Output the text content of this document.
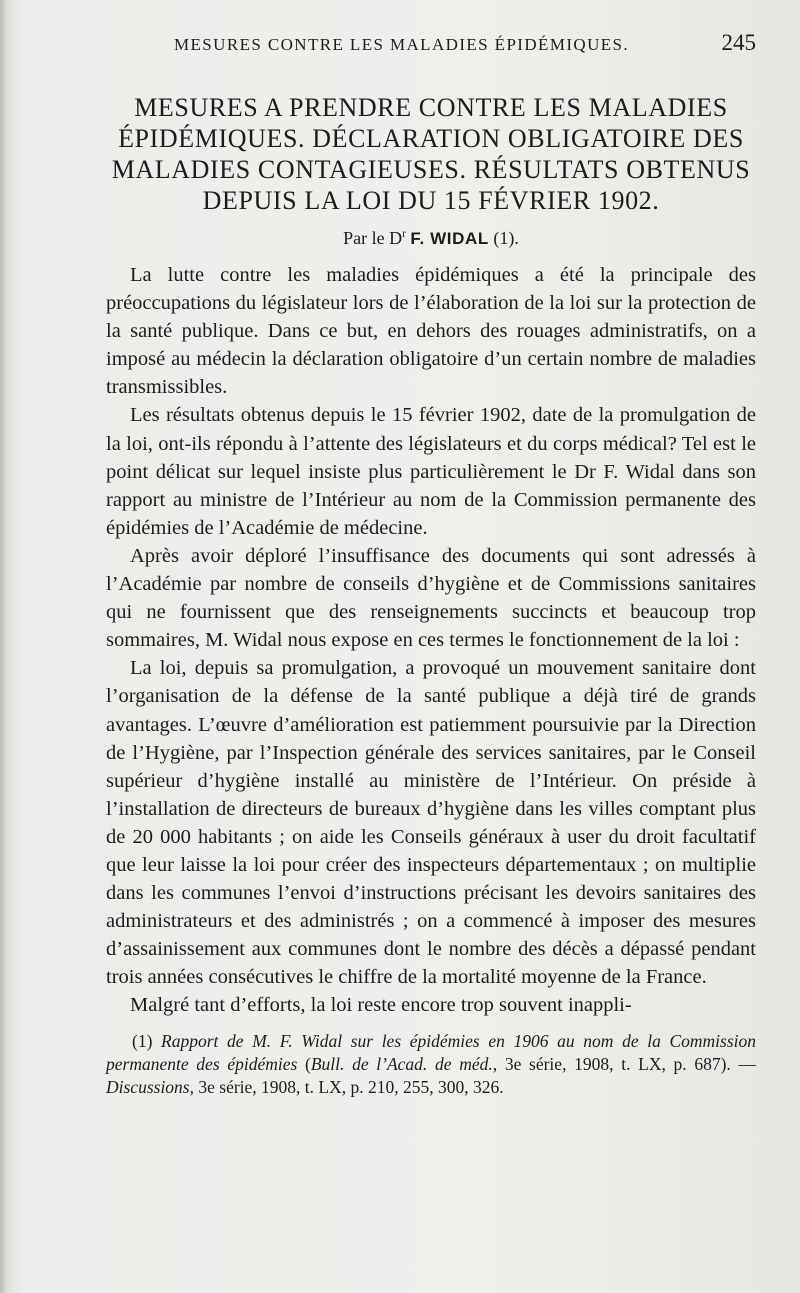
MESURES CONTRE LES MALADIES ÉPIDÉMIQUES.	245
MESURES A PRENDRE CONTRE LES MALADIES ÉPIDÉMIQUES. DÉCLARATION OBLIGATOIRE DES MALADIES CONTAGIEUSES. RÉSULTATS OBTENUS DEPUIS LA LOI DU 15 FÉVRIER 1902.
Par le $D^r$ F. WIDAL (1).

La lutte contre les maladies épidémiques a été la principale des préoccupations du législateur lors de l’élaboration de la loi sur la protection de la santé publique. Dans ce but, en dehors des rouages administratifs, on a imposé au médecin la déclaration obligatoire d’un certain nombre de maladies transmissibles.

Les résultats obtenus depuis le 15 février 1902, date de la promulgation de la loi, ont-ils répondu à l’attente des législateurs et du corps médical? Tel est le point délicat sur lequel insiste plus particulièrement le Dr F. Widal dans son rapport au ministre de l’Intérieur au nom de la Commission permanente des épidémies de l’Académie de médecine.

Après avoir déploré l’insuffisance des documents qui sont adressés à l’Académie par nombre de conseils d’hygiène et de Commissions sanitaires qui ne fournissent que des renseignements succincts et beaucoup trop sommaires, M. Widal nous expose en ces termes le fonctionnement de la loi :

La loi, depuis sa promulgation, a provoqué un mouvement sanitaire dont l’organisation de la défense de la santé publique a déjà tiré de grands avantages. L’œuvre d’amélioration est patiemment poursuivie par la Direction de l’Hygiène, par l’Inspection générale des services sanitaires, par le Conseil supérieur d’hygiène installé au ministère de l’Intérieur. On préside à l’installation de directeurs de bureaux d’hygiène dans les villes comptant plus de 20 000 habitants ; on aide les Conseils généraux à user du droit facultatif que leur laisse la loi pour créer des inspecteurs départementaux ; on multiplie dans les communes l’envoi d’instructions précisant les devoirs sanitaires des administrateurs et des administrés ; on a commencé à imposer des mesures d’assainissement aux communes dont le nombre des décès a dépassé pendant trois années consécutives le chiffre de la mortalité moyenne de la France.

Malgré tant d’efforts, la loi reste encore trop souvent inappli-

(1) Rapport de M. F. Widal sur les épidémies en 1906 au nom de la Commission permanente des épidémies (Bull. de l’Acad. de méd., 3e série, 1908, t. LX, p. 687). — Discussions, 3e série, 1908, t. LX, p. 210, 255, 300, 326.
